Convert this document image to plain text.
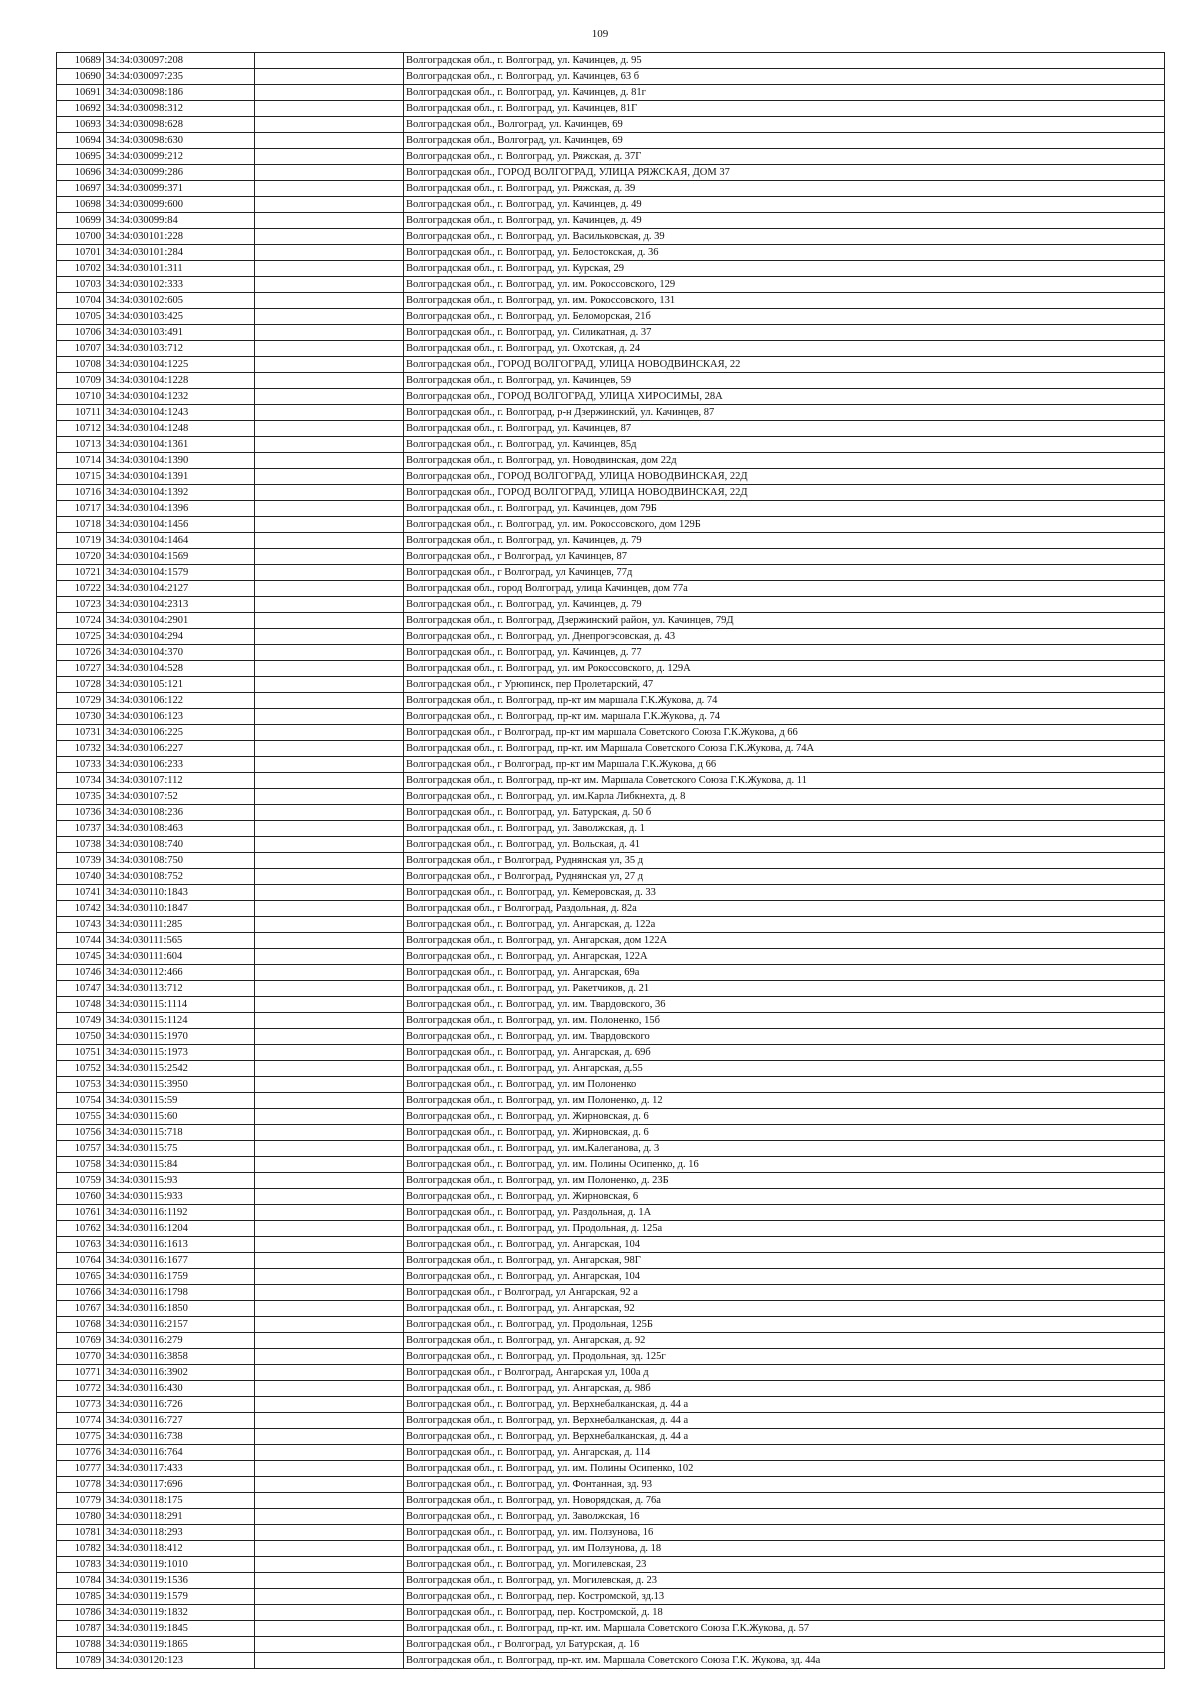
109
10689	34:34:030097:208		Волгоградская обл., г. Волгоград, ул. Качинцев, д. 95
10690	34:34:030097:235		Волгоградская обл., г. Волгоград, ул. Качинцев, 63 б
10691	34:34:030098:186		Волгоградская обл., г. Волгоград, ул. Качинцев, д. 81г
10692	34:34:030098:312		Волгоградская обл., г. Волгоград, ул. Качинцев, 81Г
10693	34:34:030098:628		Волгоградская обл., Волгоград, ул. Качинцев, 69
10694	34:34:030098:630		Волгоградская обл., Волгоград, ул. Качинцев, 69
10695	34:34:030099:212		Волгоградская обл., г. Волгоград, ул. Ряжская, д. 37Г
10696	34:34:030099:286		Волгоградская обл., ГОРОД ВОЛГОГРАД, УЛИЦА РЯЖСКАЯ, ДОМ 37
10697	34:34:030099:371		Волгоградская обл., г. Волгоград, ул. Ряжская, д. 39
10698	34:34:030099:600		Волгоградская обл., г. Волгоград, ул. Качинцев, д. 49
10699	34:34:030099:84		Волгоградская обл., г. Волгоград, ул. Качинцев, д. 49
10700	34:34:030101:228		Волгоградская обл., г. Волгоград, ул. Васильковская, д. 39
10701	34:34:030101:284		Волгоградская обл., г. Волгоград, ул. Белостокская, д. 36
10702	34:34:030101:311		Волгоградская обл., г. Волгоград, ул. Курская, 29
10703	34:34:030102:333		Волгоградская обл., г. Волгоград, ул. им. Рокоссовского, 129
10704	34:34:030102:605		Волгоградская обл., г. Волгоград, ул. им. Рокоссовского, 131
10705	34:34:030103:425		Волгоградская обл., г. Волгоград, ул. Беломорская, 21б
10706	34:34:030103:491		Волгоградская обл., г. Волгоград, ул. Силикатная, д. 37
10707	34:34:030103:712		Волгоградская обл., г. Волгоград, ул. Охотская, д. 24
10708	34:34:030104:1225		Волгоградская обл., ГОРОД ВОЛГОГРАД, УЛИЦА НОВОДВИНСКАЯ, 22
10709	34:34:030104:1228		Волгоградская обл., г. Волгоград, ул. Качинцев, 59
10710	34:34:030104:1232		Волгоградская обл., ГОРОД ВОЛГОГРАД, УЛИЦА ХИРОСИМЫ, 28А
10711	34:34:030104:1243		Волгоградская обл., г. Волгоград, р-н Дзержинский, ул. Качинцев, 87
10712	34:34:030104:1248		Волгоградская обл., г. Волгоград, ул. Качинцев, 87
10713	34:34:030104:1361		Волгоградская обл., г. Волгоград, ул. Качинцев, 85д
10714	34:34:030104:1390		Волгоградская обл., г. Волгоград, ул. Новодвинская, дом 22д
10715	34:34:030104:1391		Волгоградская обл., ГОРОД ВОЛГОГРАД, УЛИЦА НОВОДВИНСКАЯ, 22Д
10716	34:34:030104:1392		Волгоградская обл., ГОРОД ВОЛГОГРАД, УЛИЦА НОВОДВИНСКАЯ, 22Д
10717	34:34:030104:1396		Волгоградская обл., г. Волгоград, ул. Качинцев, дом 79Б
10718	34:34:030104:1456		Волгоградская обл., г. Волгоград, ул. им. Рокоссовского, дом 129Б
10719	34:34:030104:1464		Волгоградская обл., г. Волгоград, ул. Качинцев, д. 79
10720	34:34:030104:1569		Волгоградская обл., г Волгоград, ул Качинцев, 87
10721	34:34:030104:1579		Волгоградская обл., г Волгоград, ул Качинцев, 77д
10722	34:34:030104:2127		Волгоградская обл., город Волгоград, улица Качинцев, дом 77а
10723	34:34:030104:2313		Волгоградская обл., г. Волгоград, ул. Качинцев, д. 79
10724	34:34:030104:2901		Волгоградская обл., г. Волгоград, Дзержинский район, ул. Качинцев, 79Д
10725	34:34:030104:294		Волгоградская обл., г. Волгоград, ул. Днепрогэсовская, д. 43
10726	34:34:030104:370		Волгоградская обл., г. Волгоград, ул. Качинцев, д. 77
10727	34:34:030104:528		Волгоградская обл., г. Волгоград, ул. им Рокоссовского, д. 129А
10728	34:34:030105:121		Волгоградская обл., г Урюпинск, пер Пролетарский, 47
10729	34:34:030106:122		Волгоградская обл., г. Волгоград, пр-кт им маршала Г.К.Жукова, д. 74
10730	34:34:030106:123		Волгоградская обл., г. Волгоград, пр-кт им. маршала Г.К.Жукова, д. 74
10731	34:34:030106:225		Волгоградская обл., г Волгоград, пр-кт им маршала Советского Союза Г.К.Жукова, д 66
10732	34:34:030106:227		Волгоградская обл., г. Волгоград, пр-кт. им Маршала Советского Союза Г.К.Жукова, д. 74А
10733	34:34:030106:233		Волгоградская обл., г Волгоград, пр-кт им Маршала Г.К.Жукова, д 66
10734	34:34:030107:112		Волгоградская обл., г. Волгоград, пр-кт им. Маршала Советского Союза Г.К.Жукова, д. 11
10735	34:34:030107:52		Волгоградская обл., г. Волгоград, ул. им.Карла Либкнехта, д. 8
10736	34:34:030108:236		Волгоградская обл., г. Волгоград, ул. Батурская, д. 50 б
10737	34:34:030108:463		Волгоградская обл., г. Волгоград, ул. Заволжская, д. 1
10738	34:34:030108:740		Волгоградская обл., г. Волгоград, ул. Вольская, д. 41
10739	34:34:030108:750		Волгоградская обл., г Волгоград, Руднянская ул, 35 д
10740	34:34:030108:752		Волгоградская обл., г Волгоград, Руднянская ул, 27 д
10741	34:34:030110:1843		Волгоградская обл., г. Волгоград, ул. Кемеровская, д. 33
10742	34:34:030110:1847		Волгоградская обл., г Волгоград, Раздольная, д. 82а
10743	34:34:030111:285		Волгоградская обл., г. Волгоград, ул. Ангарская, д. 122а
10744	34:34:030111:565		Волгоградская обл., г. Волгоград, ул. Ангарская, дом 122А
10745	34:34:030111:604		Волгоградская обл., г. Волгоград, ул. Ангарская, 122А
10746	34:34:030112:466		Волгоградская обл., г. Волгоград, ул. Ангарская, 69а
10747	34:34:030113:712		Волгоградская обл., г. Волгоград, ул. Ракетчиков, д. 21
10748	34:34:030115:1114		Волгоградская обл., г. Волгоград, ул. им. Твардовского, 36
10749	34:34:030115:1124		Волгоградская обл., г. Волгоград, ул. им. Полоненко, 15б
10750	34:34:030115:1970		Волгоградская обл., г. Волгоград, ул. им. Твардовского
10751	34:34:030115:1973		Волгоградская обл., г. Волгоград, ул. Ангарская, д. 69б
10752	34:34:030115:2542		Волгоградская обл., г. Волгоград, ул. Ангарская, д.55
10753	34:34:030115:3950		Волгоградская обл., г. Волгоград, ул. им Полоненко
10754	34:34:030115:59		Волгоградская обл., г. Волгоград, ул. им Полоненко, д. 12
10755	34:34:030115:60		Волгоградская обл., г. Волгоград, ул. Жирновская, д. 6
10756	34:34:030115:718		Волгоградская обл., г. Волгоград, ул. Жирновская, д. 6
10757	34:34:030115:75		Волгоградская обл., г. Волгоград, ул. им.Калеганова, д. 3
10758	34:34:030115:84		Волгоградская обл., г. Волгоград, ул. им. Полины Осипенко, д. 16
10759	34:34:030115:93		Волгоградская обл., г. Волгоград, ул. им Полоненко, д. 23Б
10760	34:34:030115:933		Волгоградская обл., г. Волгоград, ул. Жирновская, 6
10761	34:34:030116:1192		Волгоградская обл., г. Волгоград, ул. Раздольная, д. 1А
10762	34:34:030116:1204		Волгоградская обл., г. Волгоград, ул. Продольная, д. 125а
10763	34:34:030116:1613		Волгоградская обл., г. Волгоград, ул. Ангарская, 104
10764	34:34:030116:1677		Волгоградская обл., г. Волгоград, ул. Ангарская, 98Г
10765	34:34:030116:1759		Волгоградская обл., г. Волгоград, ул. Ангарская, 104
10766	34:34:030116:1798		Волгоградская обл., г Волгоград, ул Ангарская, 92 а
10767	34:34:030116:1850		Волгоградская обл., г. Волгоград, ул. Ангарская, 92
10768	34:34:030116:2157		Волгоградская обл., г. Волгоград, ул. Продольная, 125Б
10769	34:34:030116:279		Волгоградская обл., г. Волгоград, ул. Ангарская, д. 92
10770	34:34:030116:3858		Волгоградская обл., г. Волгоград, ул. Продольная, зд. 125г
10771	34:34:030116:3902		Волгоградская обл., г Волгоград, Ангарская ул, 100а д
10772	34:34:030116:430		Волгоградская обл., г. Волгоград, ул. Ангарская, д. 98б
10773	34:34:030116:726		Волгоградская обл., г. Волгоград, ул. Верхнебалканская, д. 44 а
10774	34:34:030116:727		Волгоградская обл., г. Волгоград, ул. Верхнебалканская, д. 44 а
10775	34:34:030116:738		Волгоградская обл., г. Волгоград, ул. Верхнебалканская, д. 44 а
10776	34:34:030116:764		Волгоградская обл., г. Волгоград, ул. Ангарская, д. 114
10777	34:34:030117:433		Волгоградская обл., г. Волгоград, ул. им. Полины Осипенко, 102
10778	34:34:030117:696		Волгоградская обл., г. Волгоград, ул. Фонтанная, зд. 93
10779	34:34:030118:175		Волгоградская обл., г. Волгоград, ул. Новорядская, д. 76а
10780	34:34:030118:291		Волгоградская обл., г. Волгоград, ул. Заволжская, 16
10781	34:34:030118:293		Волгоградская обл., г. Волгоград, ул. им. Ползунова, 16
10782	34:34:030118:412		Волгоградская обл., г. Волгоград, ул. им Ползунова, д. 18
10783	34:34:030119:1010		Волгоградская обл., г. Волгоград, ул. Могилевская, 23
10784	34:34:030119:1536		Волгоградская обл., г. Волгоград, ул. Могилевская, д. 23
10785	34:34:030119:1579		Волгоградская обл., г. Волгоград, пер. Костромской, зд.13
10786	34:34:030119:1832		Волгоградская обл., г. Волгоград, пер. Костромской, д. 18
10787	34:34:030119:1845		Волгоградская обл., г. Волгоград, пр-кт. им. Маршала Советского Союза Г.К.Жукова, д. 57
10788	34:34:030119:1865		Волгоградская обл., г Волгоград, ул Батурская, д. 16
10789	34:34:030120:123		Волгоградская обл., г. Волгоград, пр-кт. им. Маршала Советского Союза Г.К. Жукова, зд. 44а
